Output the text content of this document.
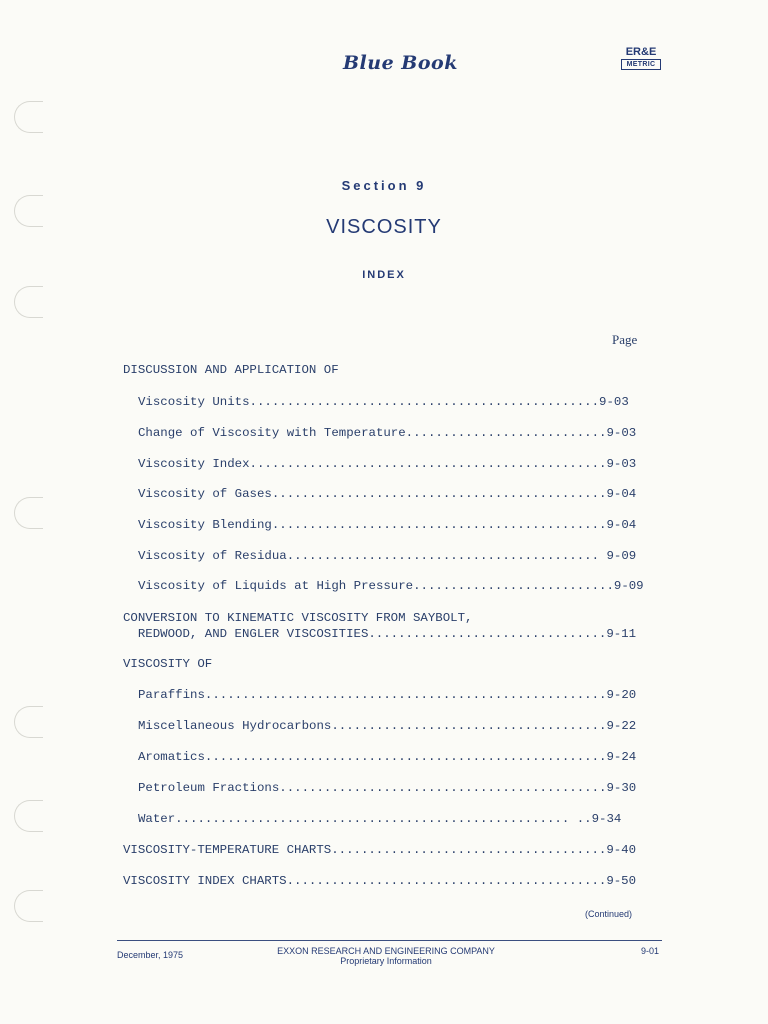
Blue Book	ER&E
METRIC
Section 9
VISCOSITY
INDEX
Page
DISCUSSION AND APPLICATION OF
Viscosity Units...............................................9-03
Change of Viscosity with Temperature...........................9-03
Viscosity Index................................................9-03
Viscosity of Gases.............................................9-04
Viscosity Blending.............................................9-04
Viscosity of Residua.......................................... 9-09
Viscosity of Liquids at High Pressure...........................9-09
CONVERSION TO KINEMATIC VISCOSITY FROM SAYBOLT,
REDWOOD, AND ENGLER VISCOSITIES................................9-11
VISCOSITY OF
Paraffins......................................................9-20
Miscellaneous Hydrocarbons.....................................9-22
Aromatics......................................................9-24
Petroleum Fractions............................................9-30
Water..................................................... ..9-34
VISCOSITY-TEMPERATURE CHARTS.....................................9-40
VISCOSITY INDEX CHARTS...........................................9-50
(Continued)
December, 1975	EXXON RESEARCH AND ENGINEERING COMPANY
Proprietary Information
9-01
